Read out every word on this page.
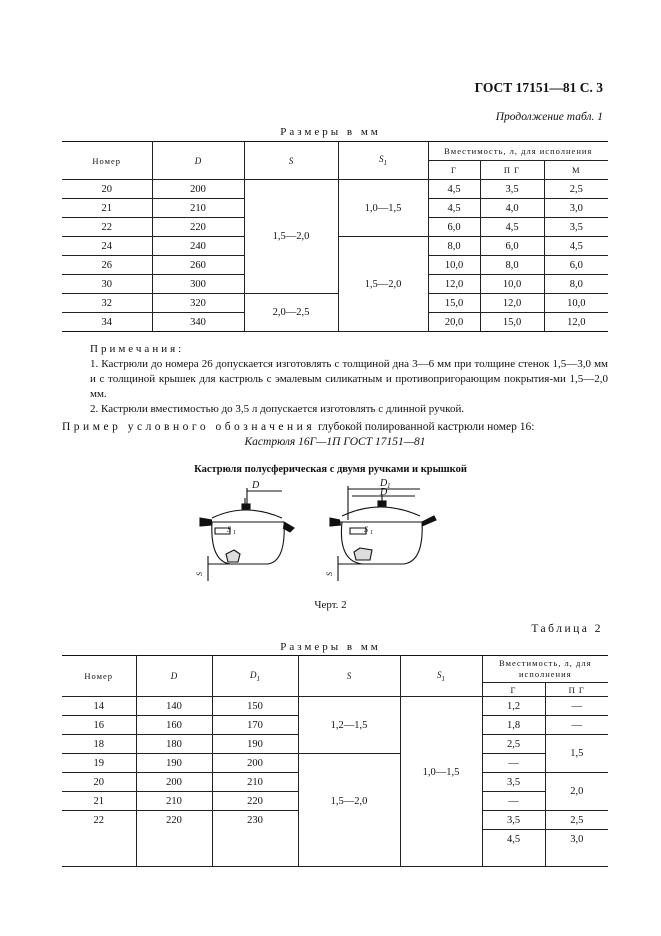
ГОСТ 17151—81 С. 3
Продолжение табл. 1
Размеры в мм
Номер	D	S	$S_1$	Вместимость, л, для исполнения		
				Г	П Г	М
20	200	1,5—2,0	1,0—1,5	4,5	3,5	2,5
21	210			4,5	4,0	3,0
22	220			6,0	4,5	3,5
24	240		1,5—2,0	8,0	6,0	4,5
26	260			10,0	8,0	6,0
30	300			12,0	10,0	8,0
32	320	2,0—2,5		15,0	12,0	10,0
34	340			20,0	15,0	12,0

Примечания:

1. Кастрюли до номера 26 допускается изготовлять с толщиной дна 3—6 мм при толщине стенок 1,5—3,0 мм и с толщиной крышек для кастрюль с эмалевым силикатным и противопригорающим покрытия-ми 1,5—2,0 мм.

2. Кастрюли вместимостью до 3,5 л допускается изготовлять с длинной ручкой.

Пример условного обозначения глубокой полированной кастрюли номер 16:
Кастрюля 16Г—1П ГОСТ 17151—81
Кастрюля полусферическая с двумя ручками и крышкой
D
S 1
S
D 1
D
S 1
S
Черт. 2
Таблица 2
Размеры в мм
Номер	D	$D_1$	S	$S_1$	Вместимость, л, для исполнения	
					Г	П Г
14	140	150	1,2—1,5	1,0—1,5	1,2	—
16	160	170			1,8	—
18	180	190			2,5	1,5
19	190	200	1,5—2,0		—	
20	200	210			3,5	2,0
21	210	220			—	
22	220	230			3,5	2,5
					4,5	3,0
